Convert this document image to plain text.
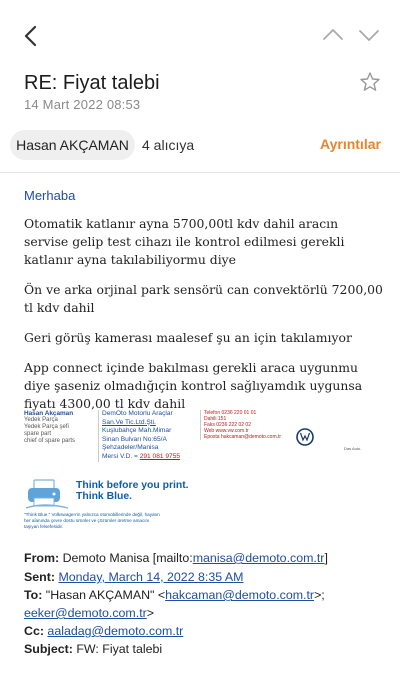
RE: Fiyat talebi
14 Mart 2022 08:53
Hasan AKÇAMAN 4 alıcıya	Ayrıntılar
Merhaba
Otomatik katlanır ayna 5700,00tl kdv dahil aracın servise gelip test cihazı ile kontrol edilmesi gerekli katlanır ayna takılabiliyormu diye
Ön ve arka orjinal park sensörü can convektörlü 7200,00 tl kdv dahil
Geri görüş kamerası maalesef şu an için takılamıyor
App connect içinde bakılması gerekli araca uygunmu diye şaseniz olmadığıçin kontrol sağlıyamdık uygunsa fiyatı 4300,00 tl kdv dahil
Hasan Akçaman
Yedek Parça
Yedek Parça şefi
spare part
chief of spare parts
DemOto Motorlu Araçlar
San.Ve Tic.Ltd.Şti.
Kuşlubahçe Mah.Mimar
Sinan Bulvarı No:65/A
Şehzadeler/Manisa
Mersi V.D. = 291 081 9755
Telefon 0236 220 01 01
Dahili 151
Faks 0236 222 02 02
Web www.vw.com.tr
Eposta hakcaman@demoto.com.tr
Das Auto.
Think before you print.
Think Blue.
"Think Blue." Volkswagen'in yalnızca otomobillerinde değil, hayatın her alanında çevre dostu ürünler ve çözümler üretme amacını taşıyan felsefesidir.
From: Demoto Manisa [mailto:manisa@demoto.com.tr]
Sent: Monday, March 14, 2022 8:35 AM
To: "Hasan AKÇAMAN" <hakcaman@demoto.com.tr>;
eeker@demoto.com.tr>
Cc: aaladag@demoto.com.tr
Subject: FW: Fiyat talebi
